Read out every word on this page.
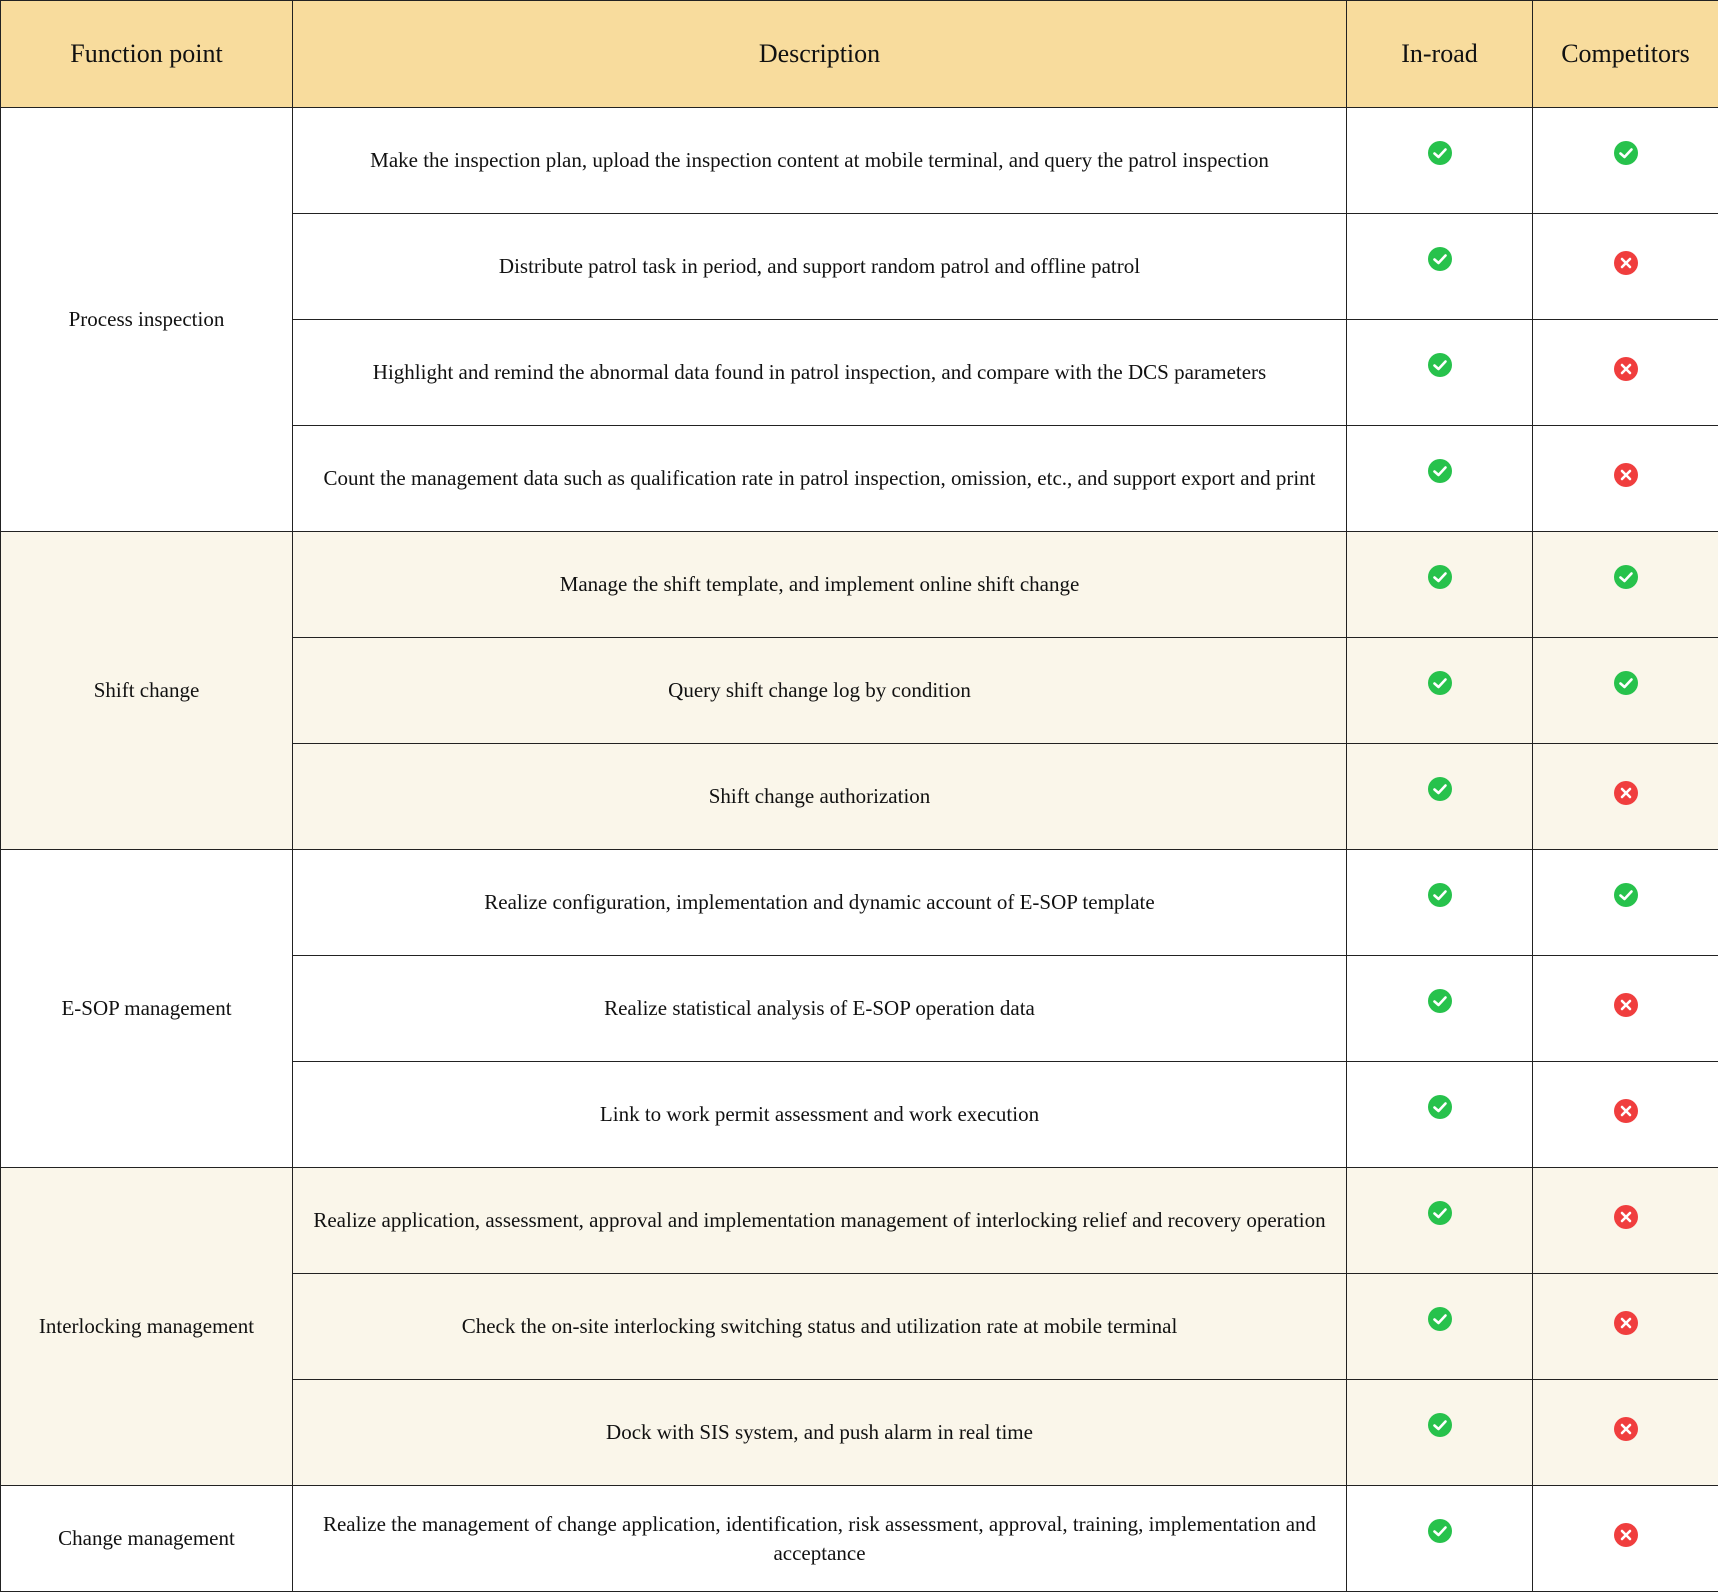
Function point	Description	In-road	Competitors
Process inspection	Make the inspection plan, upload the inspection content at mobile terminal, and query the patrol inspection	

	Distribute patrol task in period, and support random patrol and offline patrol	

	Highlight and remind the abnormal data found in patrol inspection, and compare with the DCS parameters	

	Count the management data such as qualification rate in patrol inspection, omission, etc., and support export and print	

Shift change	Manage the shift template, and implement online shift change	

	Query shift change log by condition	

	Shift change authorization	

E-SOP management	Realize configuration, implementation and dynamic account of E-SOP template	

	Realize statistical analysis of E-SOP operation data	

	Link to work permit assessment and work execution	

Interlocking management	Realize application, assessment, approval and implementation management of interlocking relief and recovery operation	

	Check the on-site interlocking switching status and utilization rate at mobile terminal	

	Dock with SIS system, and push alarm in real time	

Change management	Realize the management of change application, identification, risk assessment, approval, training, implementation and acceptance	
